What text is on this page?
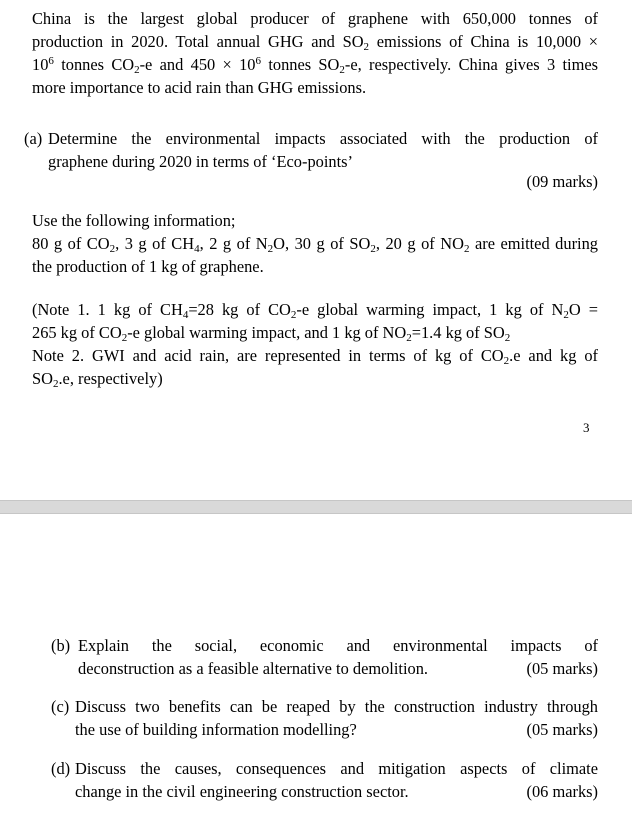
China is the largest global producer of graphene with 650,000 tonnes of

production in 2020. Total annual GHG and $SO_2$ emissions of China is 10,000 ×

$10^6$ tonnes $CO_2-e$ and $450 \times 10^6$ tonnes $SO_2-e$, respectively. China gives 3 times

more importance to acid rain than GHG emissions.

(a) Determine the environmental impacts associated with the production of

graphene during 2020 in terms of ‘Eco-points’

(09 marks)

Use the following information;

80 g of $CO_2$, 3 g of $CH_4$, 2 g of $N_2O$, 30 g of $SO_2$, 20 g of $NO_2$ are emitted during

the production of 1 kg of graphene.

(Note 1. 1 kg of $CH_4=28$ kg of $CO_2-e$ global warming impact, 1 kg of $N_2O$ =

265 kg of $CO_2-e$ global warming impact, and 1 kg of $NO_2=1.4$ kg of $SO_2$

Note 2. GWI and acid rain, are represented in terms of kg of $CO_2.e$ and kg of

$SO_2.e$, respectively)

3
(b) Explain the social, economic and environmental impacts of

deconstruction as a feasible alternative to demolition.	(05 marks)
(c) Discuss two benefits can be reaped by the construction industry through

the use of building information modelling?	(05 marks)
(d) Discuss the causes, consequences and mitigation aspects of climate

change in the civil engineering construction sector.	(06 marks)
